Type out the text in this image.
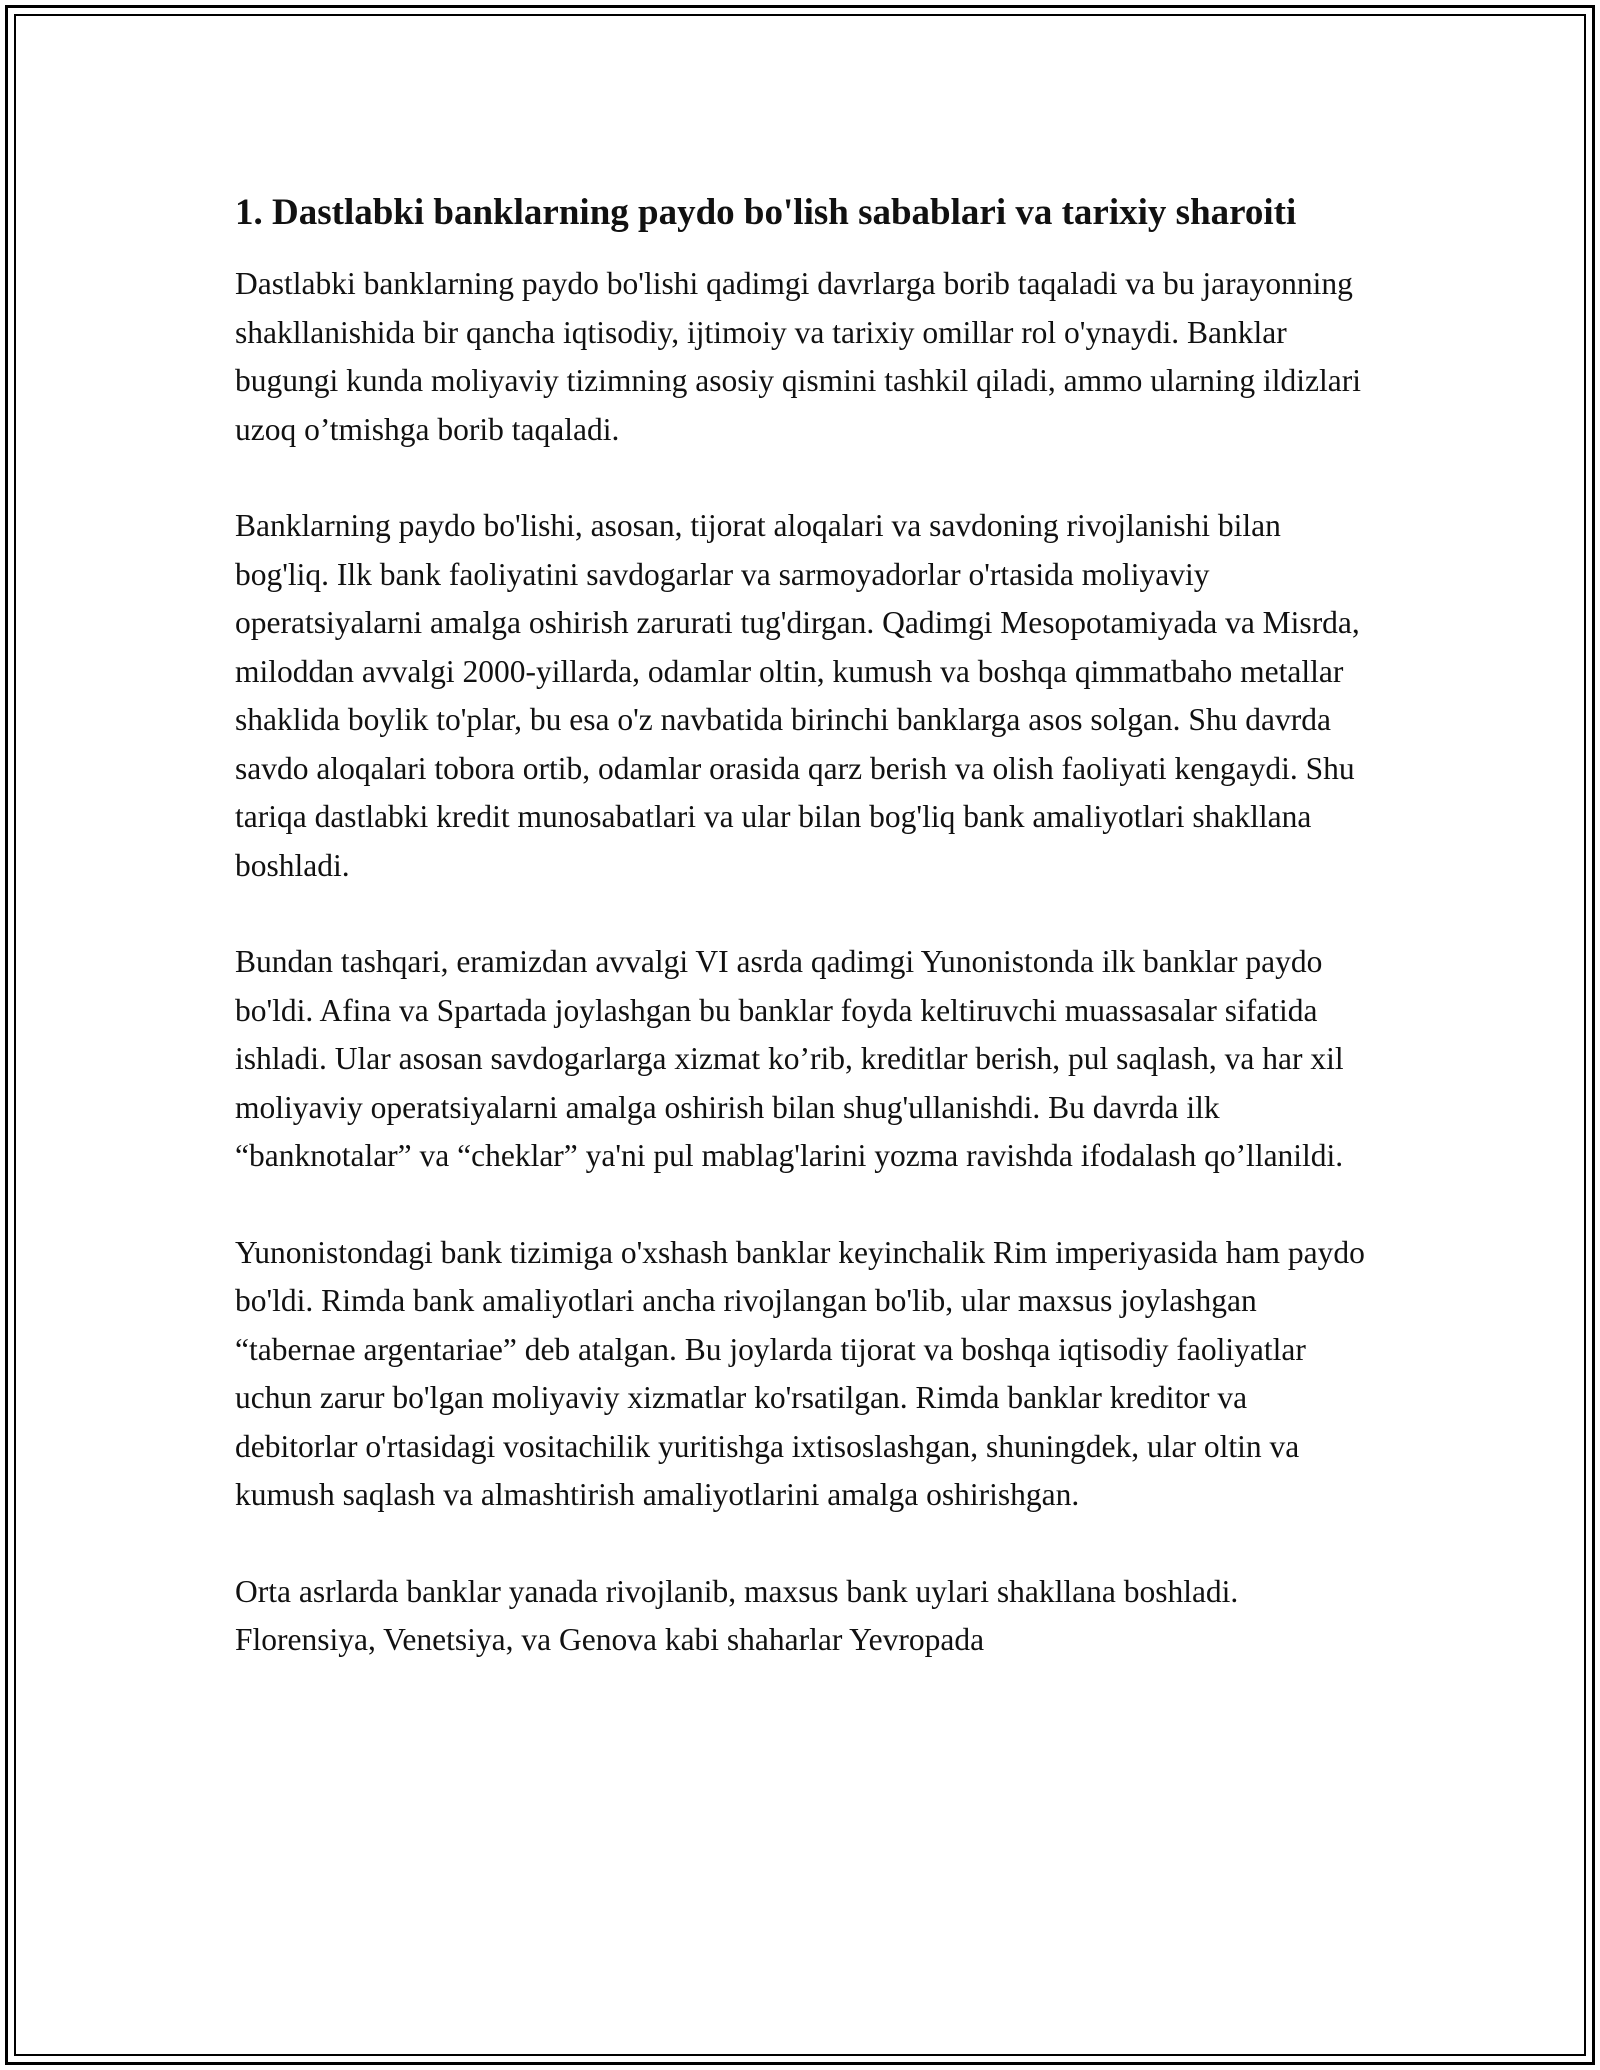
1. Dastlabki banklarning paydo bo'lish sabablari va tarixiy sharoiti

Dastlabki banklarning paydo bo'lishi qadimgi davrlarga borib taqaladi va bu jarayonning shakllanishida bir qancha iqtisodiy, ijtimoiy va tarixiy omillar rol o'ynaydi. Banklar bugungi kunda moliyaviy tizimning asosiy qismini tashkil qiladi, ammo ularning ildizlari uzoq o’tmishga borib taqaladi.

Banklarning paydo bo'lishi, asosan, tijorat aloqalari va savdoning rivojlanishi bilan bog'liq. Ilk bank faoliyatini savdogarlar va sarmoyadorlar o'rtasida moliyaviy operatsiyalarni amalga oshirish zarurati tug'dirgan. Qadimgi Mesopotamiyada va Misrda, miloddan avvalgi 2000-yillarda, odamlar oltin, kumush va boshqa qimmatbaho metallar shaklida boylik to'plar, bu esa o'z navbatida birinchi banklarga asos solgan. Shu davrda savdo aloqalari tobora ortib, odamlar orasida qarz berish va olish faoliyati kengaydi. Shu tariqa dastlabki kredit munosabatlari va ular bilan bog'liq bank amaliyotlari shakllana boshladi.

Bundan tashqari, eramizdan avvalgi VI asrda qadimgi Yunonistonda ilk banklar paydo bo'ldi. Afina va Spartada joylashgan bu banklar foyda keltiruvchi muassasalar sifatida ishladi. Ular asosan savdogarlarga xizmat ko’rib, kreditlar berish, pul saqlash, va har xil moliyaviy operatsiyalarni amalga oshirish bilan shug'ullanishdi. Bu davrda ilk “banknotalar” va “cheklar” ya'ni pul mablag'larini yozma ravishda ifodalash qo’llanildi.

Yunonistondagi bank tizimiga o'xshash banklar keyinchalik Rim imperiyasida ham paydo bo'ldi. Rimda bank amaliyotlari ancha rivojlangan bo'lib, ular maxsus joylashgan “tabernae argentariae” deb atalgan. Bu joylarda tijorat va boshqa iqtisodiy faoliyatlar uchun zarur bo'lgan moliyaviy xizmatlar ko'rsatilgan. Rimda banklar kreditor va debitorlar o'rtasidagi vositachilik yuritishga ixtisoslashgan, shuningdek, ular oltin va kumush saqlash va almashtirish amaliyotlarini amalga oshirishgan.

Orta asrlarda banklar yanada rivojlanib, maxsus bank uylari shakllana boshladi. Florensiya, Venetsiya, va Genova kabi shaharlar Yevropada
